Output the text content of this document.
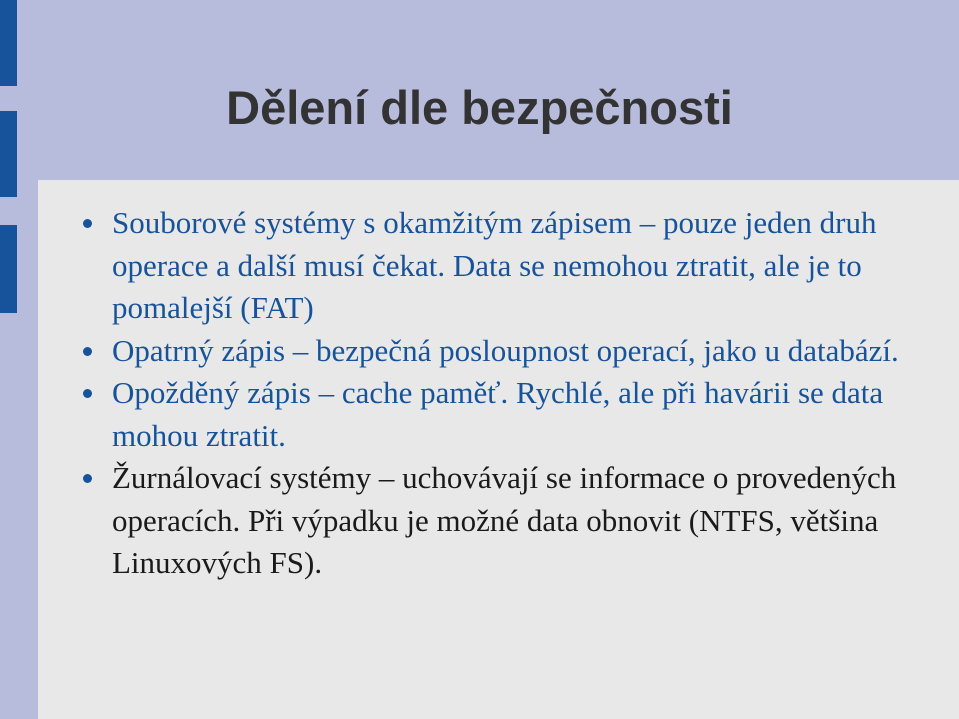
Dělení dle bezpečnosti
Souborové systémy s okamžitým zápisem – pouze jeden druh operace a další musí čekat. Data se nemohou ztratit, ale je to pomalejší (FAT)
Opatrný zápis – bezpečná posloupnost operací, jako u databází.
Opožděný zápis – cache paměť. Rychlé, ale při havárii se data mohou ztratit.
Žurnálovací systémy – uchovávají se informace o provedených operacích. Při výpadku je možné data obnovit (NTFS, většina Linuxových FS).
